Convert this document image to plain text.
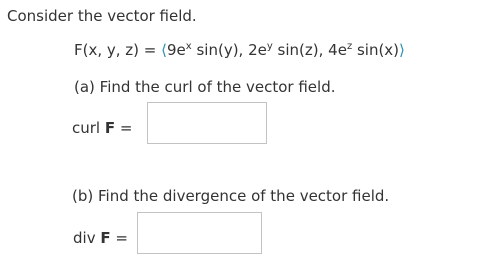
Consider the vector field.
F(x, y, $z) = ⟨9e^x$ sin(y), $2e^y$ sin(z), $4e^z$ sin(x)⟩
(a) Find the curl of the vector field.
curl F =
(b) Find the divergence of the vector field.
div F =
